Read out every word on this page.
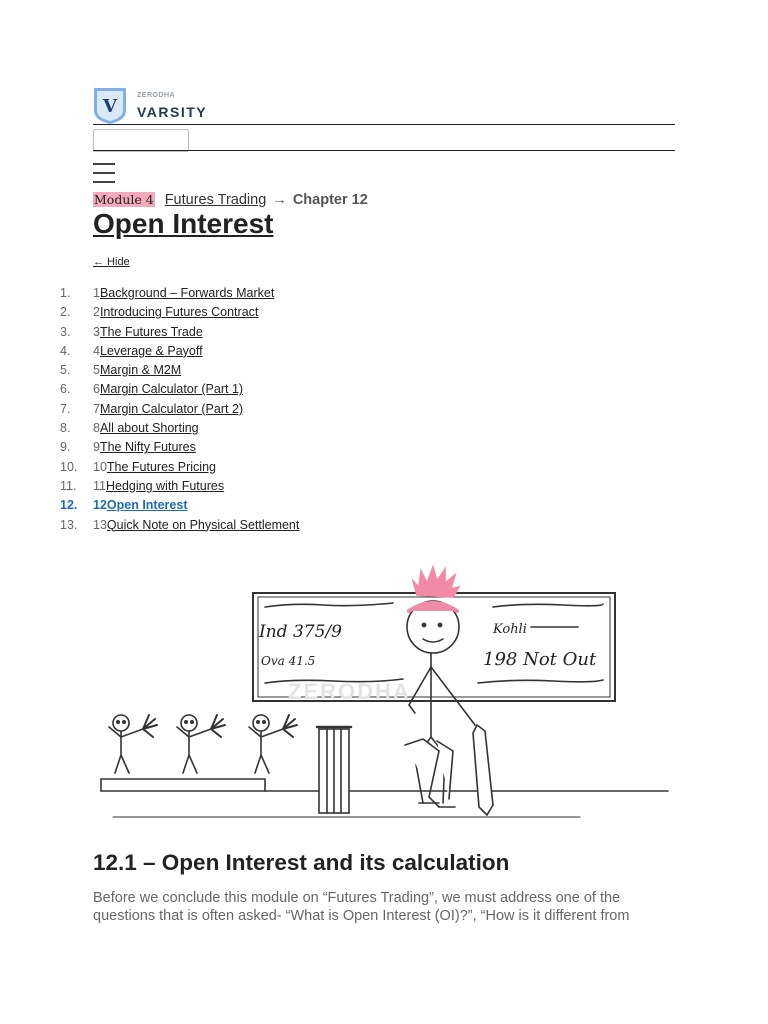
V
ZERODHA
VARSITY
Module 4 Futures Trading → Chapter 12
Open Interest
← Hide
1.	1 Background – Forwards Market
2.	2 Introducing Futures Contract
3.	3 The Futures Trade
4.	4 Leverage & Payoff
5.	5 Margin & M2M
6.	6 Margin Calculator (Part 1)
7.	7 Margin Calculator (Part 2)
8.	8 All about Shorting
9.	9 The Nifty Futures
10.	10 The Futures Pricing
11.	11 Hedging with Futures
12.	12 Open Interest
13.	13 Quick Note on Physical Settlement
Ind 375/9
Ova 41.5
Kohli
198 Not Out
ZERODHA
12.1 – Open Interest and its calculation
Before we conclude this module on “Futures Trading”, we must address one of the questions that is often asked- “What is Open Interest (OI)?”, “How is it different from
